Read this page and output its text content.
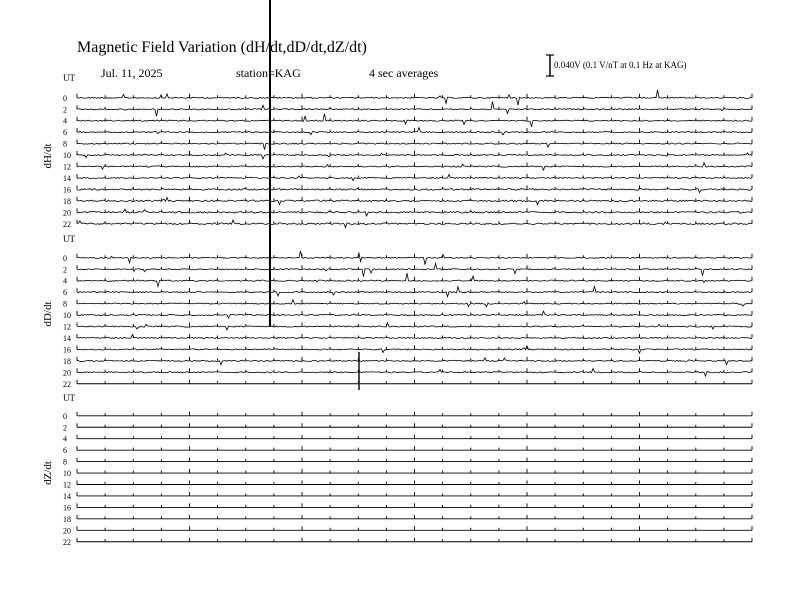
Magnetic Field Variation (dH/dt,dD/dt,dZ/dt)
Jul. 11, 2025	station=KAG	4 sec averages
0.040V (0.1 V/nT at 0.1 Hz at KAG)
UT
UT
UT
dH/dt
dD/dt
dZ/dt
0
2
4
6
8
10
12
14
16
18
20
22
0
2
4
6
8
10
12
14
16
18
20
22
0
2
4
6
8
10
12
14
16
18
20
22
